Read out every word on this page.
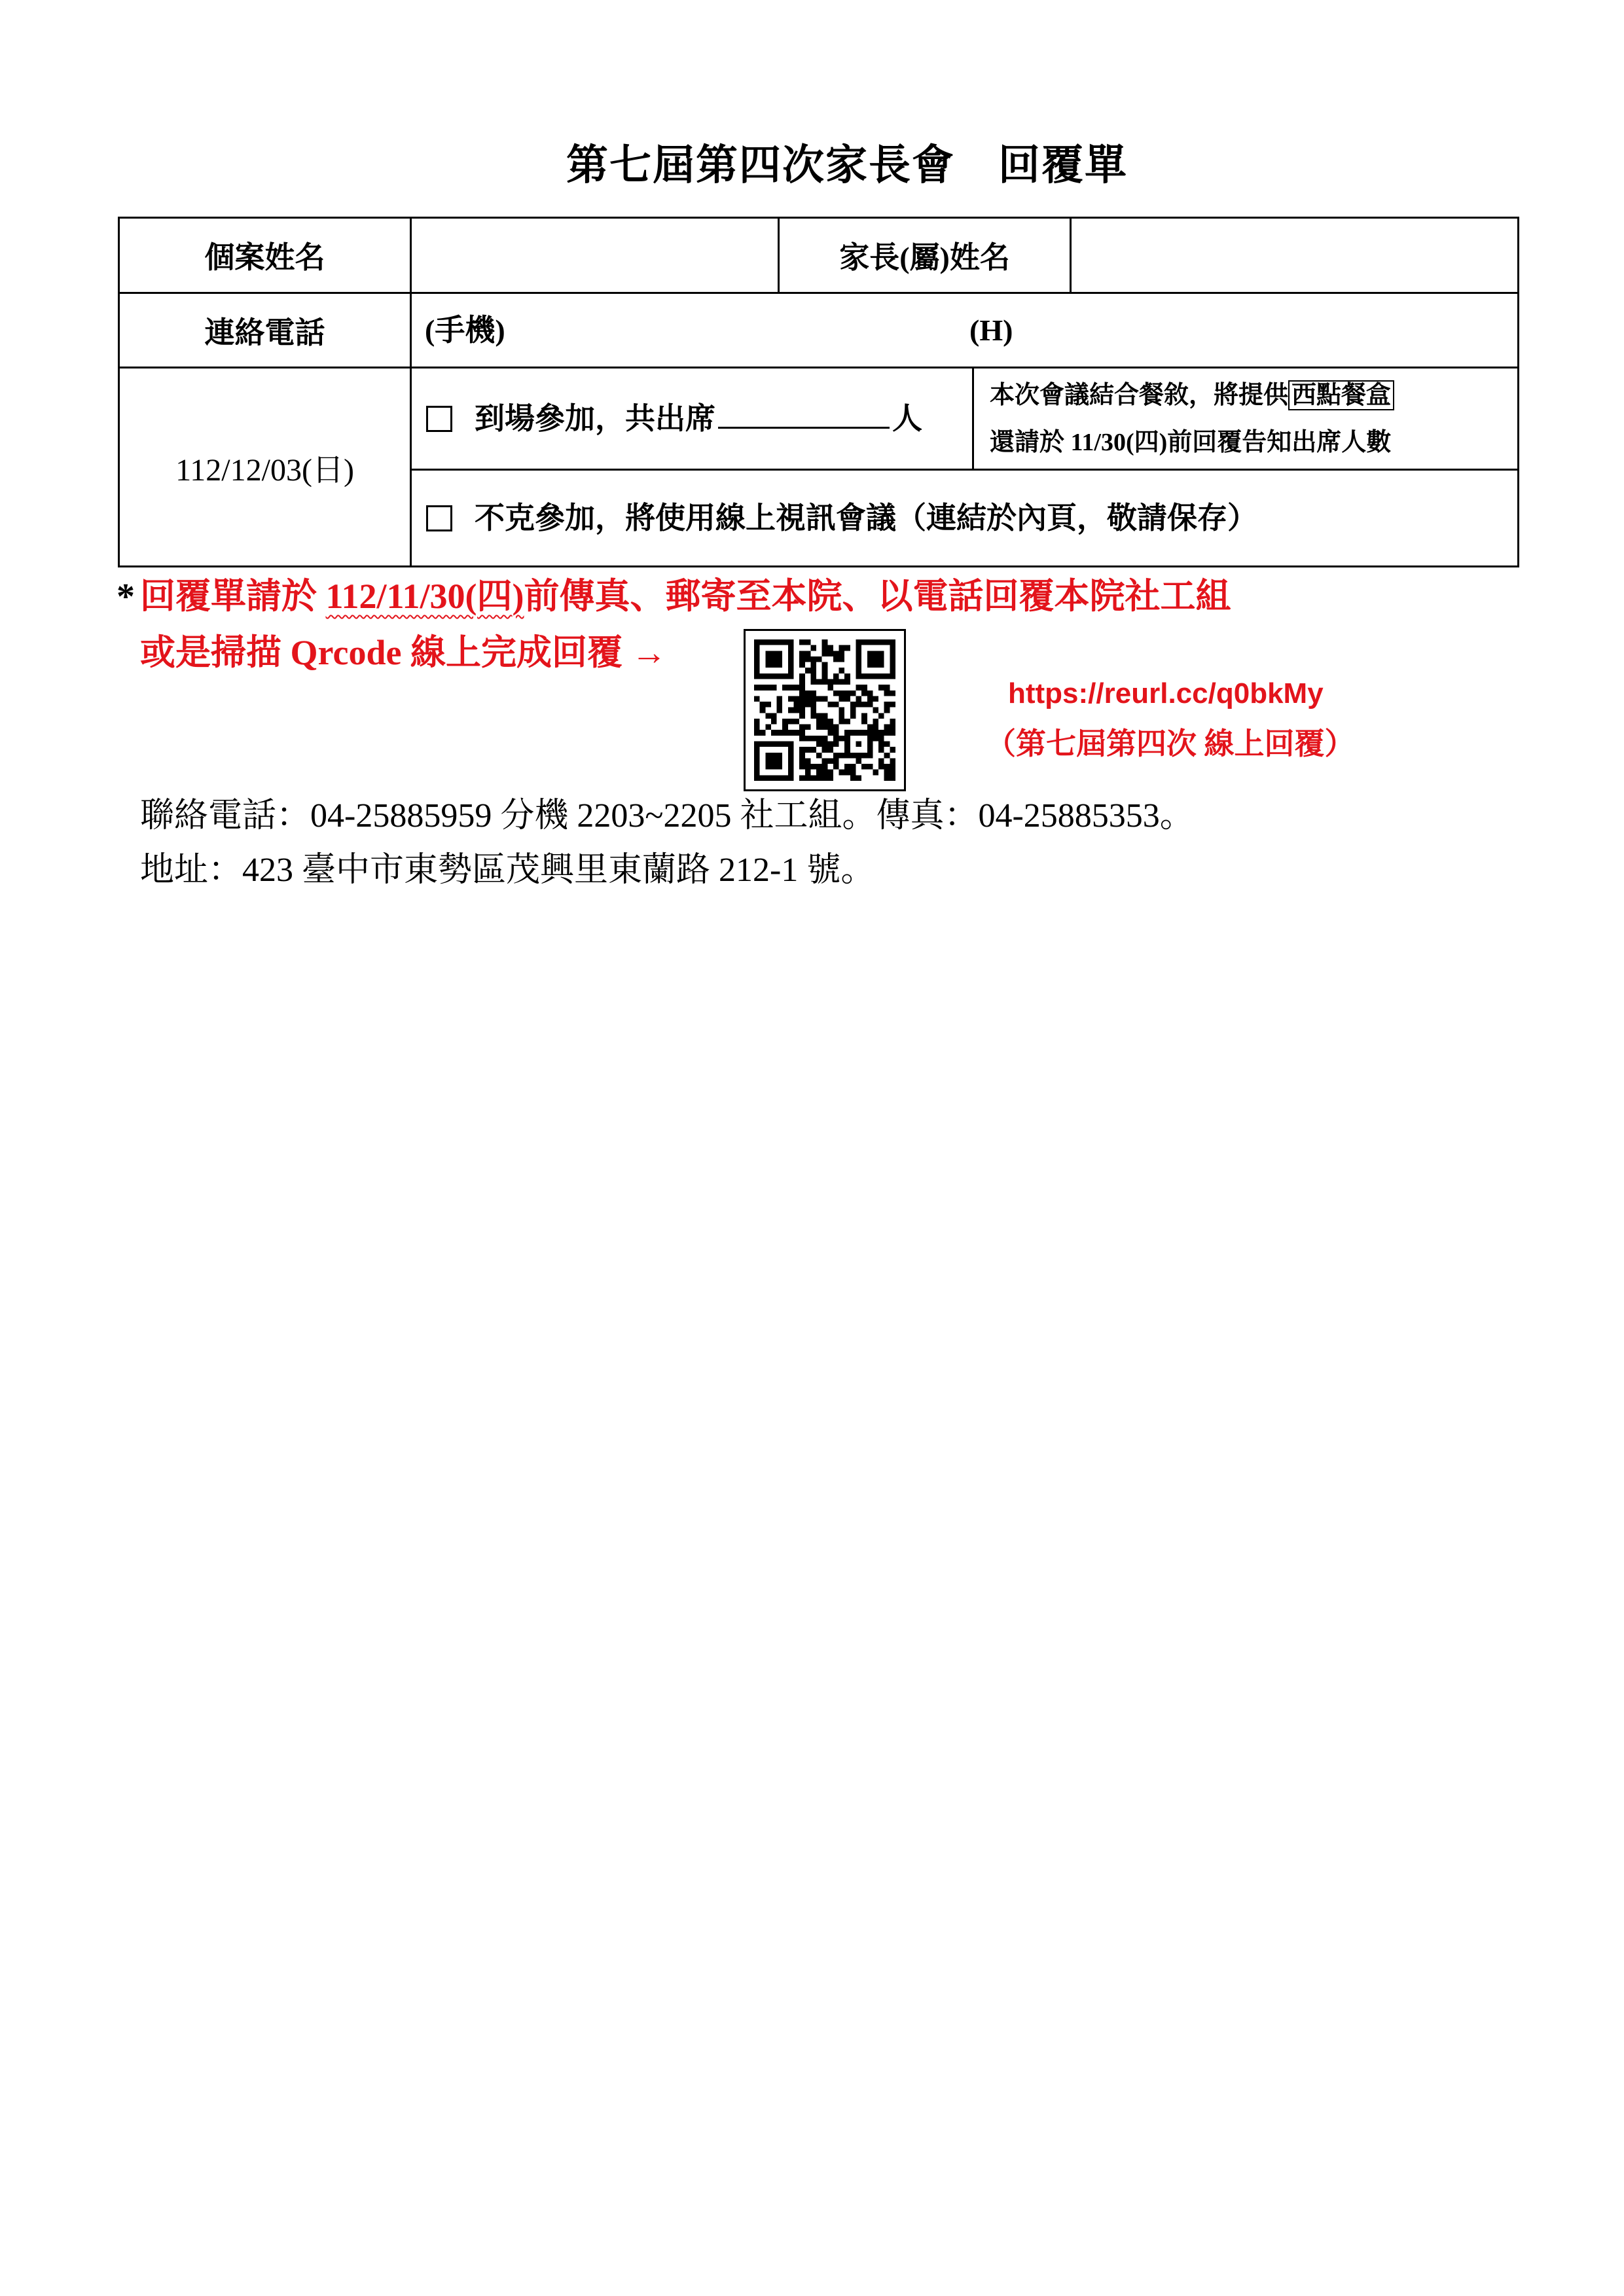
第七屆第四次家長會　回覆單
個案姓名		家長(屬)姓名		
連絡電話	(手機) (H)			

112/12/03(日)	到場參加，共出席 人		本次會議結合餐敘，將提供 西點餐盒
還請於 11/30(四)前回覆告知出席人數	

	不克參加，將使用線上視訊會議（連結於內頁，敬請保存）			
* 回覆單請於 112/11/30(四)前傳真、郵寄至本院、以電話回覆本院社工組
或是掃描 Qrcode 線上完成回覆 →
https://reurl.cc/q0bkMy
（第七屆第四次 線上回覆）
聯絡電話：04-25885959 分機 2203~2205 社工組。傳真：04-25885353。
地址：423 臺中市東勢區茂興里東蘭路 212-1 號。
